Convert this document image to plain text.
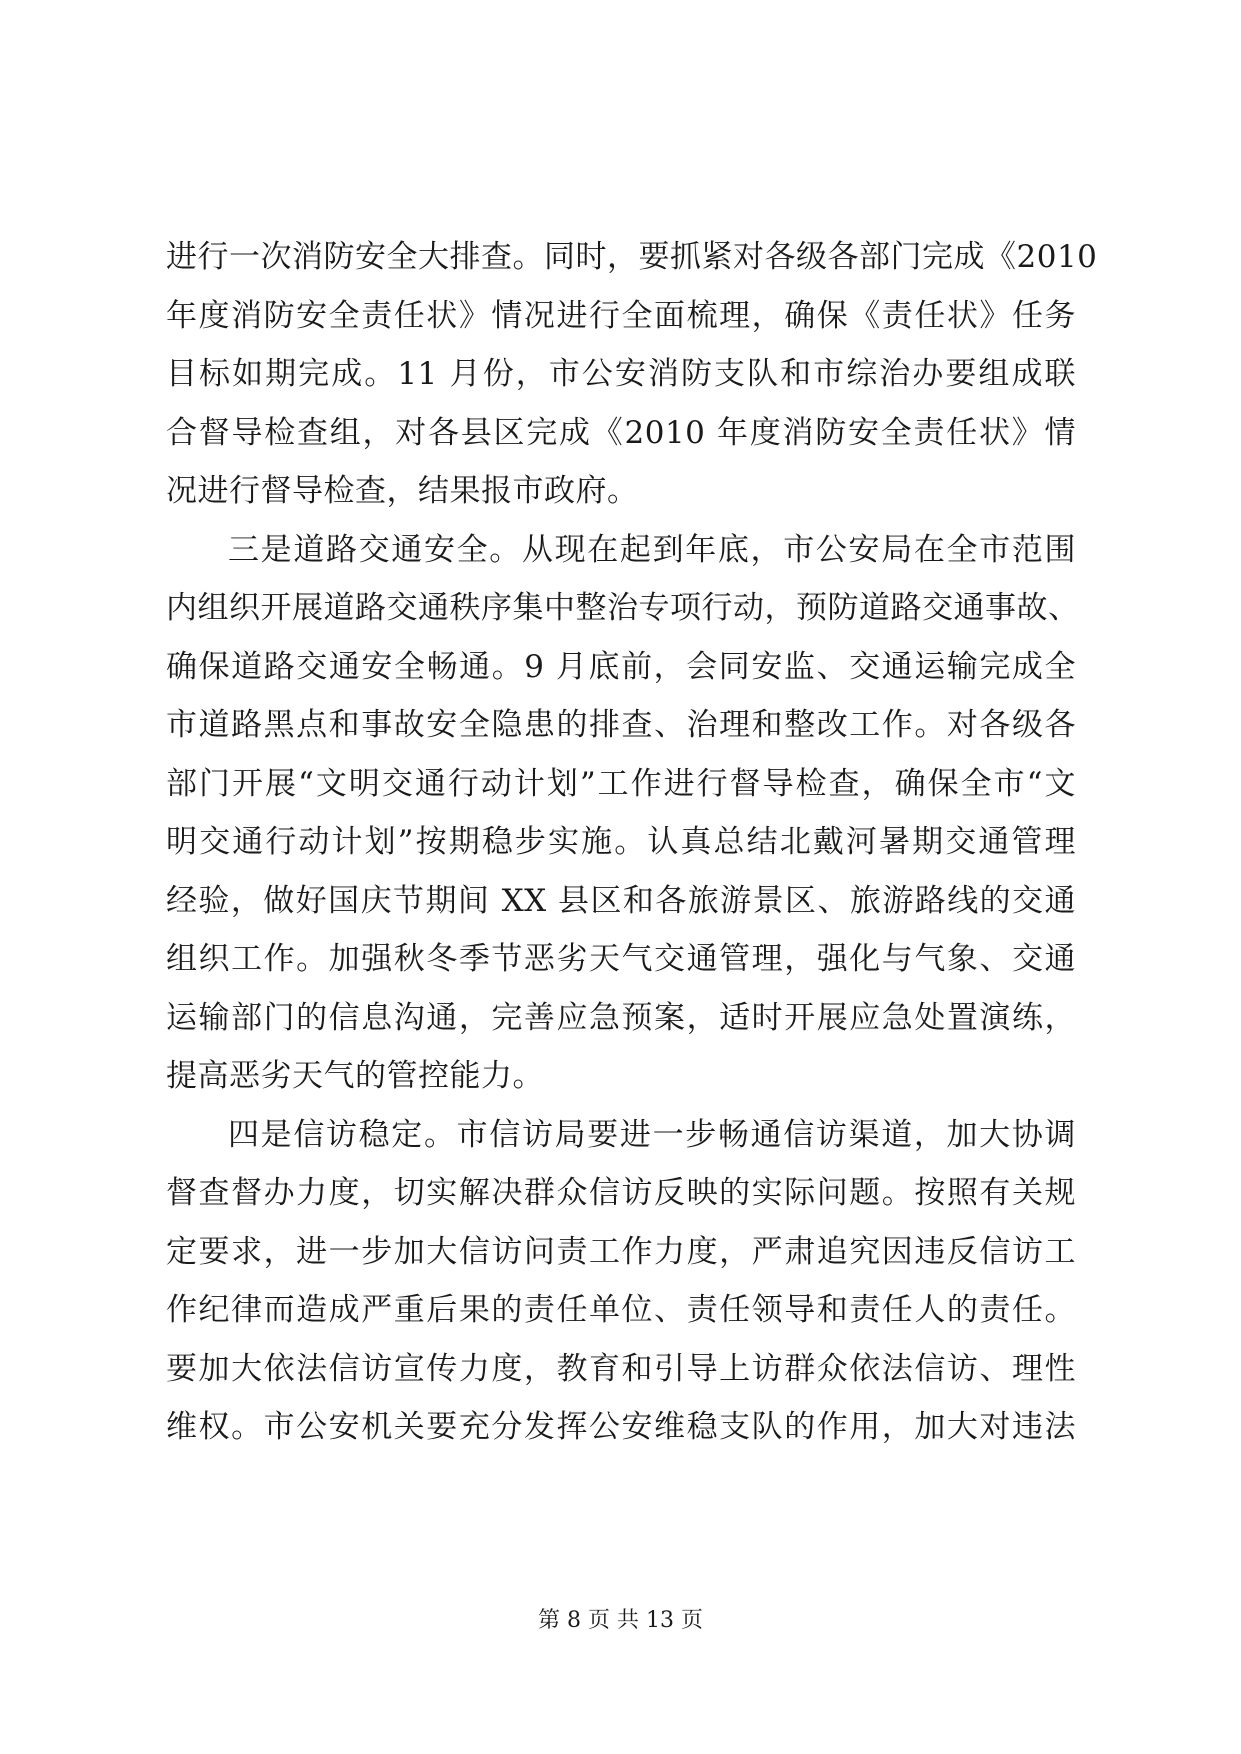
进行一次消防安全大排查。同时，要抓紧对各级各部门完成《2010
年度消防安全责任状》情况进行全面梳理，确保《责任状》任务
目标如期完成。11 月份，市公安消防支队和市综治办要组成联
合督导检查组，对各县区完成《2010 年度消防安全责任状》情
况进行督导检查，结果报市政府。
三是道路交通安全。从现在起到年底，市公安局在全市范围
内组织开展道路交通秩序集中整治专项行动，预防道路交通事故、
确保道路交通安全畅通。9 月底前，会同安监、交通运输完成全
市道路黑点和事故安全隐患的排查、治理和整改工作。对各级各
部门开展“文明交通行动计划”工作进行督导检查，确保全市“文
明交通行动计划”按期稳步实施。认真总结北戴河暑期交通管理
经验，做好国庆节期间 XX 县区和各旅游景区、旅游路线的交通
组织工作。加强秋冬季节恶劣天气交通管理，强化与气象、交通
运输部门的信息沟通，完善应急预案，适时开展应急处置演练，
提高恶劣天气的管控能力。
四是信访稳定。市信访局要进一步畅通信访渠道，加大协调
督查督办力度，切实解决群众信访反映的实际问题。按照有关规
定要求，进一步加大信访问责工作力度，严肃追究因违反信访工
作纪律而造成严重后果的责任单位、责任领导和责任人的责任。
要加大依法信访宣传力度，教育和引导上访群众依法信访、理性
维权。市公安机关要充分发挥公安维稳支队的作用，加大对违法
第 8 页 共 13 页
